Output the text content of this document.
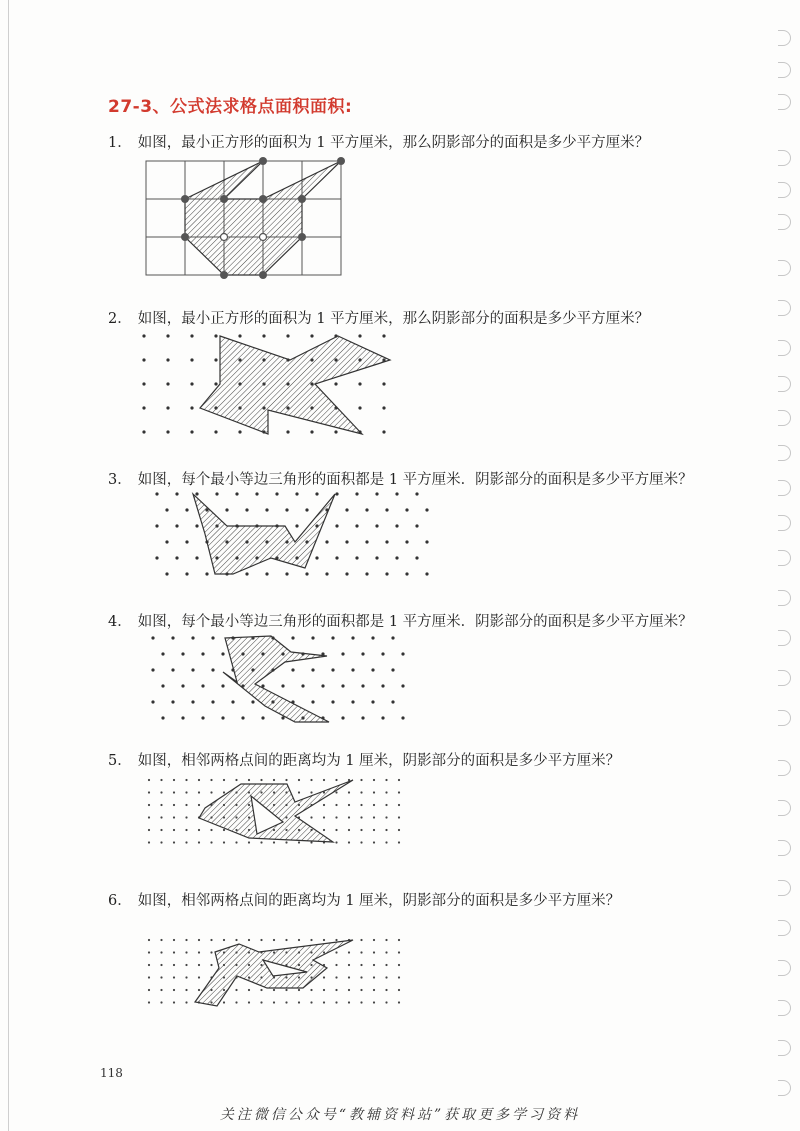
27-3、公式法求格点面积面积:
1． 如图，最小正方形的面积为 1 平方厘米，那么阴影部分的面积是多少平方厘米？
2． 如图，最小正方形的面积为 1 平方厘米，那么阴影部分的面积是多少平方厘米？
3． 如图，每个最小等边三角形的面积都是 1 平方厘米．阴影部分的面积是多少平方厘米？
4． 如图，每个最小等边三角形的面积都是 1 平方厘米．阴影部分的面积是多少平方厘米？
5． 如图，相邻两格点间的距离均为 1 厘米，阴影部分的面积是多少平方厘米？
6． 如图，相邻两格点间的距离均为 1 厘米，阴影部分的面积是多少平方厘米？
118
关注微信公众号“教辅资料站”获取更多学习资料
